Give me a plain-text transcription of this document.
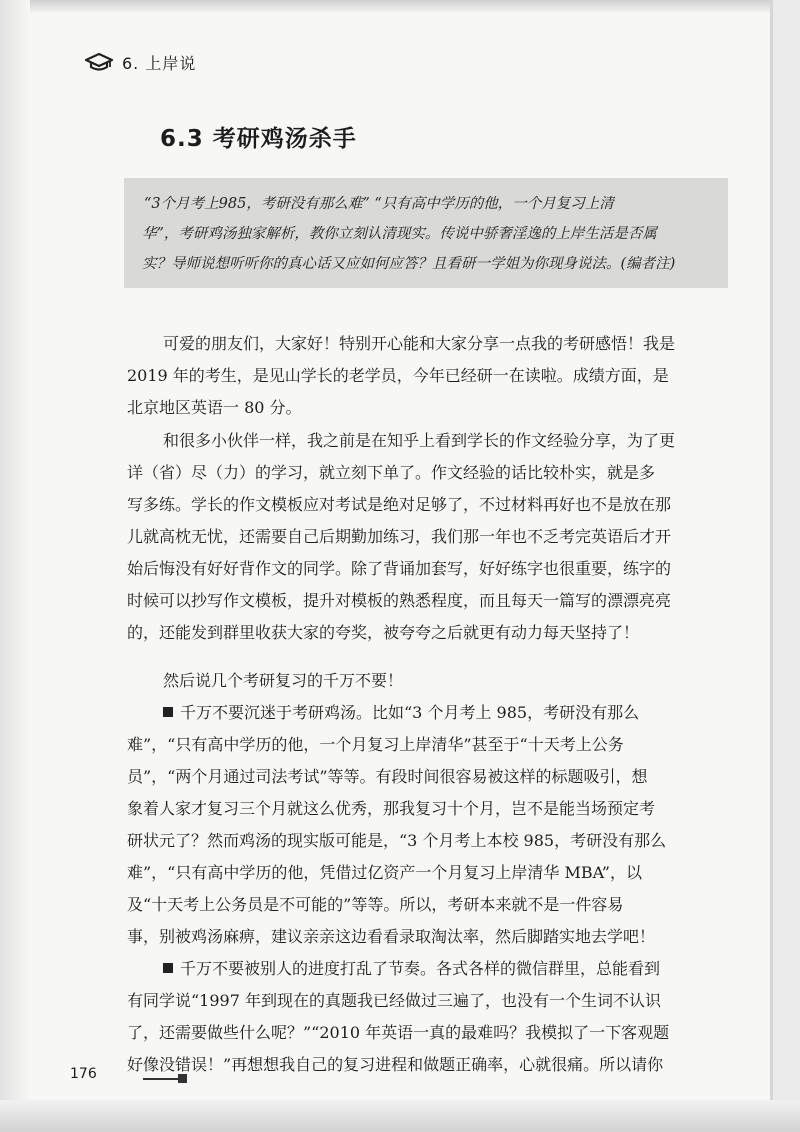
6. 上岸说
6.3 考研鸡汤杀手

“3个月考上985，考研没有那么难” “只有高中学历的他，一个月复习上清

华”，考研鸡汤独家解析，教你立刻认清现实。传说中骄奢淫逸的上岸生活是否属

实？导师说想听听你的真心话又应如何应答？且看研一学姐为你现身说法。(编者注)

可爱的朋友们，大家好！特别开心能和大家分享一点我的考研感悟！我是

2019 年的考生，是见山学长的老学员，今年已经研一在读啦。成绩方面，是

北京地区英语一 80 分。

和很多小伙伴一样，我之前是在知乎上看到学长的作文经验分享，为了更

详（省）尽（力）的学习，就立刻下单了。作文经验的话比较朴实，就是多

写多练。学长的作文模板应对考试是绝对足够了，不过材料再好也不是放在那

儿就高枕无忧，还需要自己后期勤加练习，我们那一年也不乏考完英语后才开

始后悔没有好好背作文的同学。除了背诵加套写，好好练字也很重要，练字的

时候可以抄写作文模板，提升对模板的熟悉程度，而且每天一篇写的漂漂亮亮

的，还能发到群里收获大家的夸奖，被夸夸之后就更有动力每天坚持了！

然后说几个考研复习的千万不要！

千万不要沉迷于考研鸡汤。比如“3 个月考上 985，考研没有那么

难”，“只有高中学历的他，一个月复习上岸清华”甚至于“十天考上公务

员”，“两个月通过司法考试”等等。有段时间很容易被这样的标题吸引，想

象着人家才复习三个月就这么优秀，那我复习十个月，岂不是能当场预定考

研状元了？然而鸡汤的现实版可能是，“3 个月考上本校 985，考研没有那么

难”，“只有高中学历的他，凭借过亿资产一个月复习上岸清华 MBA”，以

及“十天考上公务员是不可能的”等等。所以，考研本来就不是一件容易

事，别被鸡汤麻痹，建议亲亲这边看看录取淘汰率，然后脚踏实地去学吧！

千万不要被别人的进度打乱了节奏。各式各样的微信群里，总能看到

有同学说“1997 年到现在的真题我已经做过三遍了，也没有一个生词不认识

了，还需要做些什么呢？”“2010 年英语一真的最难吗？我模拟了一下客观题

好像没错误！”再想想我自己的复习进程和做题正确率，心就很痛。所以请你

176
